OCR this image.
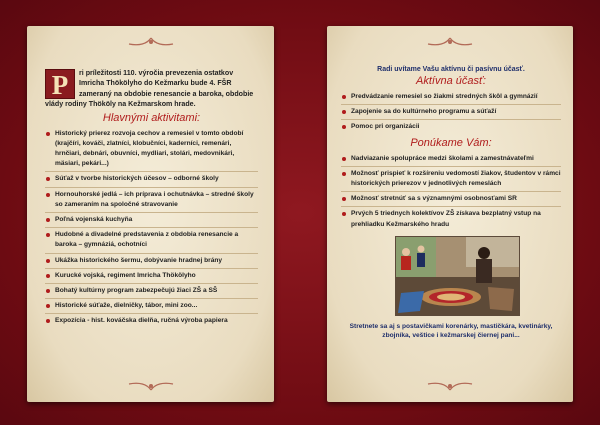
P	ri príležitosti 110. výročia prevezenia ostatkov Imricha Thökölyho do Kežmarku bude 4. FŠR zameraný na obdobie renesancie a baroka, obdobie vlády rodiny Thököly na Kežmarskom hrade.

Hlavnými aktivitami:
Historický prierez rozvoja cechov a remesiel v tomto období (krajčíri, kováči, zlatníci, klobučníci, kaderníci, remenári, hrnčiari, debnári, obuvníci, mydliari, stolári, medovnikári, mäsiari, pekári...)
Súťaž v tvorbe historických účesov – odborné školy
Hornouhorské jedlá – ich príprava i ochutnávka – stredné školy so zameraním na spoločné stravovanie
Poľná vojenská kuchyňa
Hudobné a divadelné predstavenia z obdobia renesancie a baroka – gymnáziá, ochotníci
Ukážka historického šermu, dobývanie hradnej brány
Kurucké vojská, regiment Imricha Thökölyho
Bohatý kultúrny program zabezpečujú žiaci ZŠ a SŠ
Historické súťaže, dielničky, tábor, mini zoo...
Expozícia - hist. kováčska dielňa, ručná výroba papiera

Radi uvítame Vašu aktívnu či pasívnu účasť.

Aktívna účasť:
Predvádzanie remesiel so žiakmi stredných škôl a gymnázií
Zapojenie sa do kultúrneho programu a súťaží
Pomoc pri organizácii
Ponúkame Vám:
Nadviazanie spolupráce medzi školami a zamestnávateľmi
Možnosť prispieť k rozšíreniu vedomostí žiakov, študentov v rámci historických prierezov v jednotlivých remeslách
Možnosť stretnúť sa s významnými osobnosťami SR
Prvých 5 triednych kolektívov ZŠ získava bezplatný vstup na prehliadku Kežmarského hradu

Stretnete sa aj s postavičkami korenárky, mastičkára, kvetinárky, zbojníka, veštice i kežmarskej čiernej pani...
